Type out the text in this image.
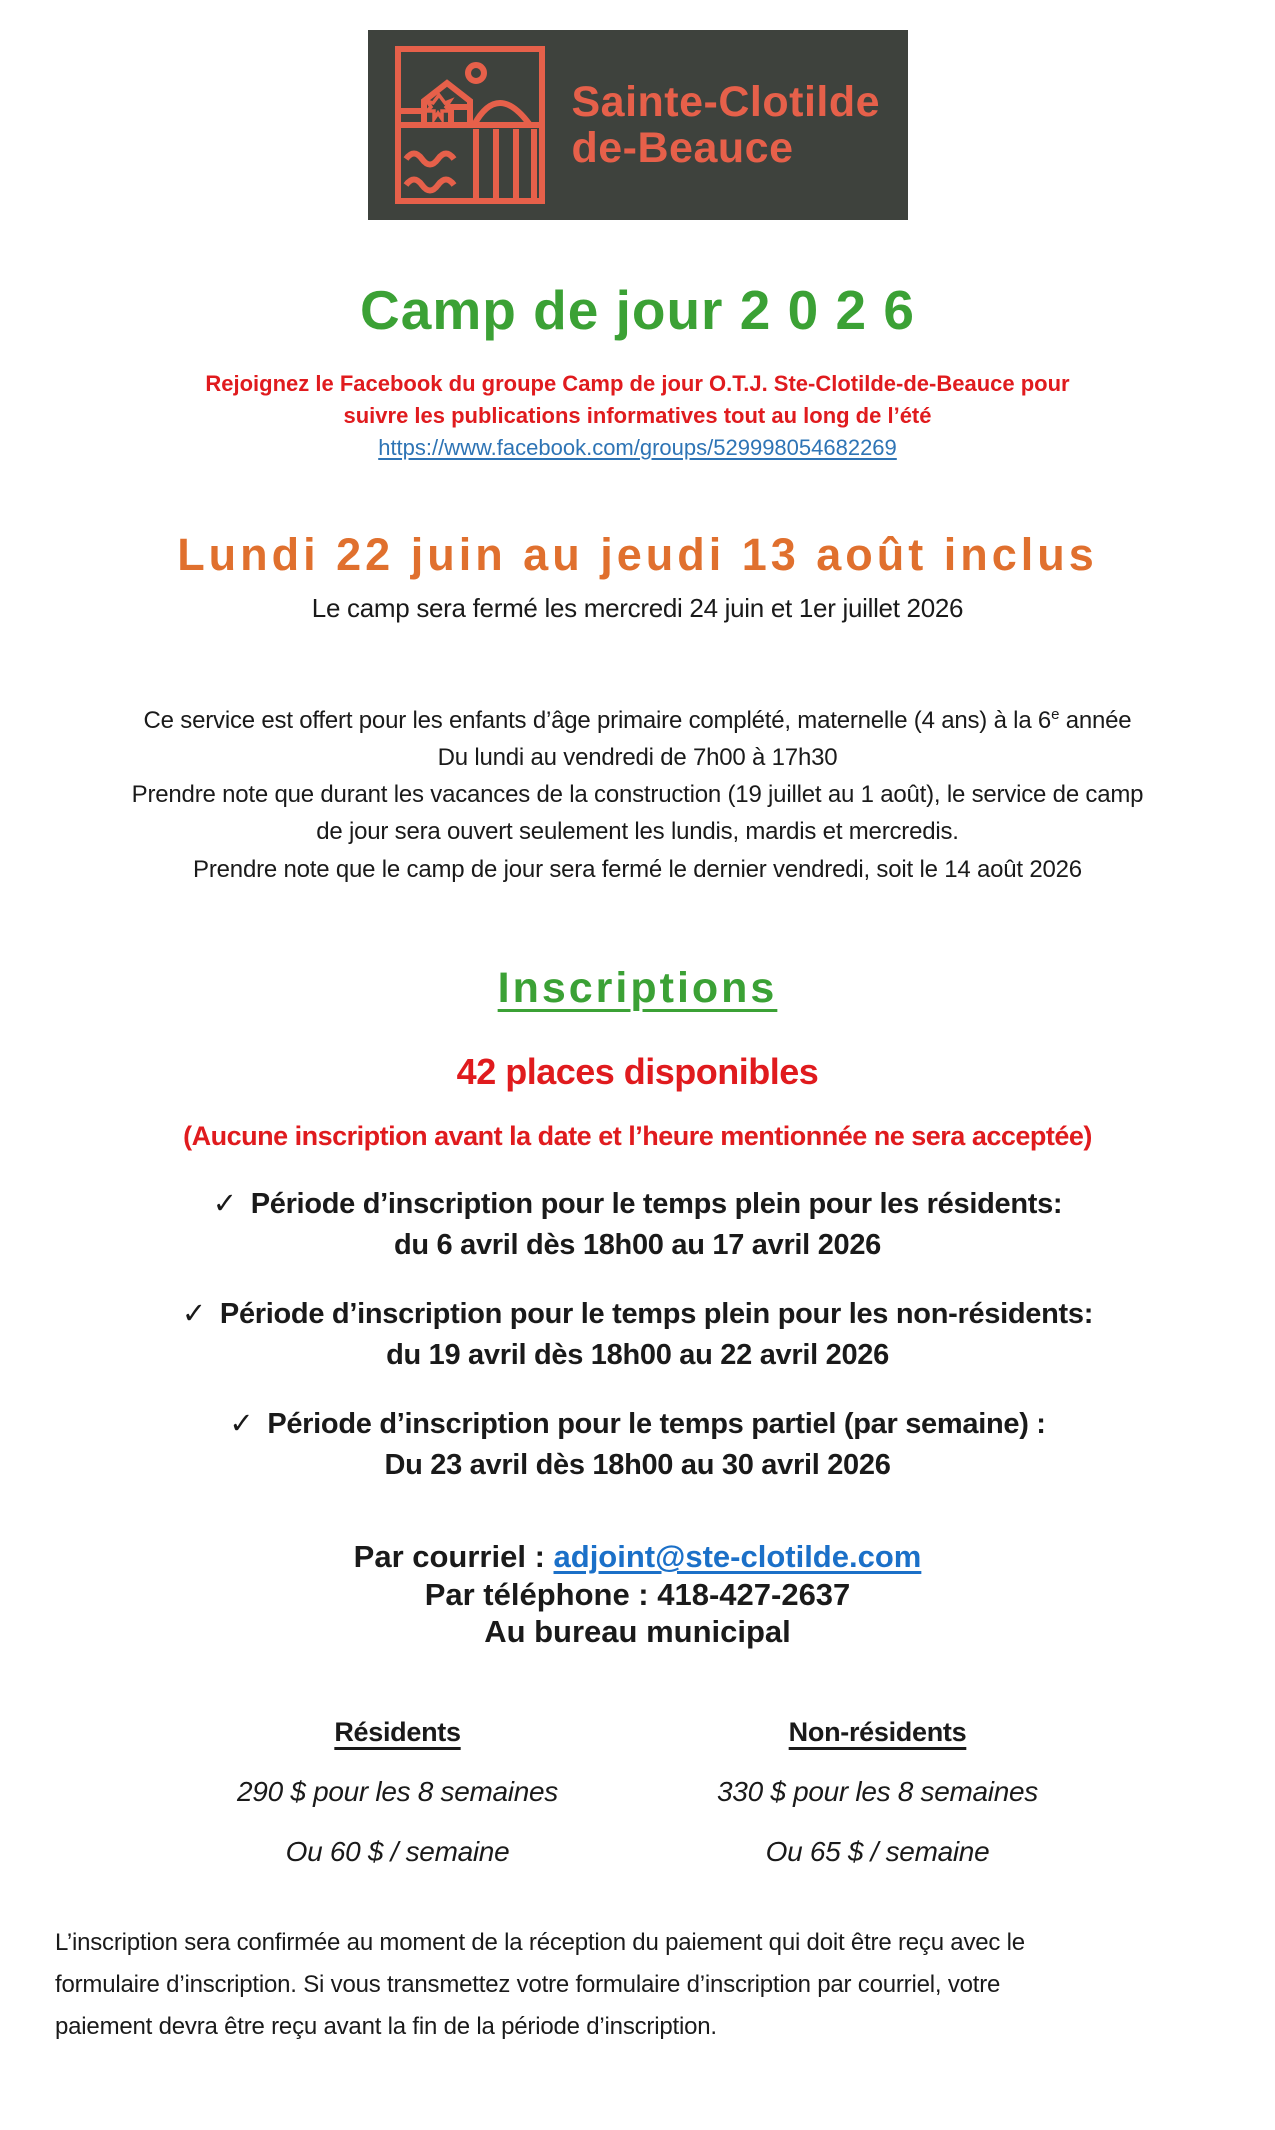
Sainte-Clotilde
de-Beauce
Camp de jour 2 0 2 6
Rejoignez le Facebook du groupe Camp de jour O.T.J. Ste-Clotilde-de-Beauce pour
suivre les publications informatives tout au long de l’été
https://www.facebook.com/groups/529998054682269
Lundi 22 juin au jeudi 13 août inclus
Le camp sera fermé les mercredi 24 juin et 1er juillet 2026
Ce service est offert pour les enfants d’âge primaire complété, maternelle (4 ans) à la 6e année
Du lundi au vendredi de 7h00 à 17h30
Prendre note que durant les vacances de la construction (19 juillet au 1 août), le service de camp
de jour sera ouvert seulement les lundis, mardis et mercredis.
Prendre note que le camp de jour sera fermé le dernier vendredi, soit le 14 août 2026
Inscriptions
42 places disponibles
(Aucune inscription avant la date et l’heure mentionnée ne sera acceptée)
✓ Période d’inscription pour le temps plein pour les résidents:
du 6 avril dès 18h00 au 17 avril 2026
✓ Période d’inscription pour le temps plein pour les non-résidents:
du 19 avril dès 18h00 au 22 avril 2026
✓ Période d’inscription pour le temps partiel (par semaine) :
Du 23 avril dès 18h00 au 30 avril 2026
Par courriel : adjoint@ste-clotilde.com
Par téléphone : 418-427-2637
Au bureau municipal
Résidents
290 $ pour les 8 semaines
Ou 60 $ / semaine
Non-résidents
330 $ pour les 8 semaines
Ou 65 $ / semaine
L’inscription sera confirmée au moment de la réception du paiement qui doit être reçu avec le
formulaire d’inscription. Si vous transmettez votre formulaire d’inscription par courriel, votre
paiement devra être reçu avant la fin de la période d’inscription.
